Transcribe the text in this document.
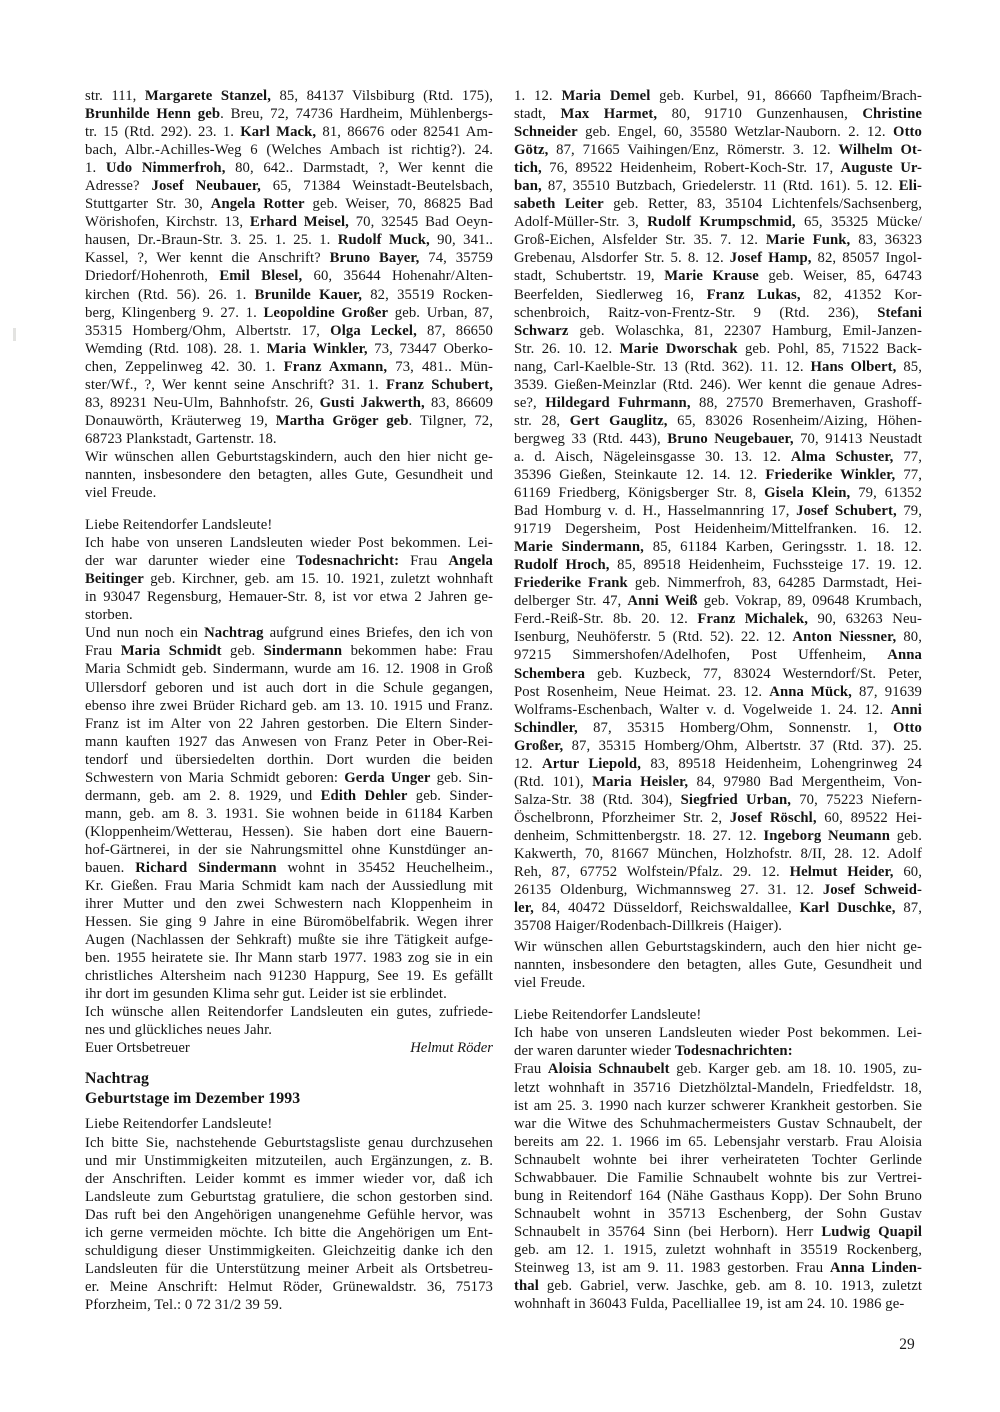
str. 111, Margarete Stanzel, 85, 84137 Vilsbiburg (Rtd. 175),
Brunhilde Henn geb. Breu, 72, 74736 Hardheim, Mühlenbergs-
tr. 15 (Rtd. 292). 23. 1. Karl Mack, 81, 86676 oder 82541 Am-
bach, Albr.-Achilles-Weg 6 (Welches Ambach ist richtig?). 24.
1. Udo Nimmerfroh, 80, 642.. Darmstadt, ?, Wer kennt die
Adresse? Josef Neubauer, 65, 71384 Weinstadt-Beutelsbach,
Stuttgarter Str. 30, Angela Rotter geb. Weiser, 70, 86825 Bad
Wörishofen, Kirchstr. 13, Erhard Meisel, 70, 32545 Bad Oeyn-
hausen, Dr.-Braun-Str. 3. 25. 1. 25. 1. Rudolf Muck, 90, 341..
Kassel, ?, Wer kennt die Anschrift? Bruno Bayer, 74, 35759
Driedorf/Hohenroth, Emil Blesel, 60, 35644 Hohenahr/Alten-
kirchen (Rtd. 56). 26. 1. Brunilde Kauer, 82, 35519 Rocken-
berg, Klingenberg 9. 27. 1. Leopoldine Großer geb. Urban, 87,
35315 Homberg/Ohm, Albertstr. 17, Olga Leckel, 87, 86650
Wemding (Rtd. 108). 28. 1. Maria Winkler, 73, 73447 Oberko-
chen, Zeppelinweg 42. 30. 1. Franz Axmann, 73, 481.. Mün-
ster/Wf., ?, Wer kennt seine Anschrift? 31. 1. Franz Schubert,
83, 89231 Neu-Ulm, Bahnhofstr. 26, Gusti Jakwerth, 83, 86609
Donauwörth, Kräuterweg 19, Martha Gröger geb. Tilgner, 72,
68723 Plankstadt, Gartenstr. 18.
Wir wünschen allen Geburtstagskindern, auch den hier nicht ge-
nannten, insbesondere den betagten, alles Gute, Gesundheit und
viel Freude.
Liebe Reitendorfer Landsleute!
Ich habe von unseren Landsleuten wieder Post bekommen. Lei-
der war darunter wieder eine Todesnachricht: Frau Angela
Beitinger geb. Kirchner, geb. am 15. 10. 1921, zuletzt wohnhaft
in 93047 Regensburg, Hemauer-Str. 8, ist vor etwa 2 Jahren ge-
storben.
Und nun noch ein Nachtrag aufgrund eines Briefes, den ich von
Frau Maria Schmidt geb. Sindermann bekommen habe: Frau
Maria Schmidt geb. Sindermann, wurde am 16. 12. 1908 in Groß
Ullersdorf geboren und ist auch dort in die Schule gegangen,
ebenso ihre zwei Brüder Richard geb. am 13. 10. 1915 und Franz.
Franz ist im Alter von 22 Jahren gestorben. Die Eltern Sinder-
mann kauften 1927 das Anwesen von Franz Peter in Ober-Rei-
tendorf und übersiedelten dorthin. Dort wurden die beiden
Schwestern von Maria Schmidt geboren: Gerda Unger geb. Sin-
dermann, geb. am 2. 8. 1929, und Edith Dehler geb. Sinder-
mann, geb. am 8. 3. 1931. Sie wohnen beide in 61184 Karben
(Kloppenheim/Wetterau, Hessen). Sie haben dort eine Bauern-
hof-Gärtnerei, in der sie Nahrungsmittel ohne Kunstdünger an-
bauen. Richard Sindermann wohnt in 35452 Heuchelheim.,
Kr. Gießen. Frau Maria Schmidt kam nach der Aussiedlung mit
ihrer Mutter und den zwei Schwestern nach Kloppenheim in
Hessen. Sie ging 9 Jahre in eine Büromöbelfabrik. Wegen ihrer
Augen (Nachlassen der Sehkraft) mußte sie ihre Tätigkeit aufge-
ben. 1955 heiratete sie. Ihr Mann starb 1977. 1983 zog sie in ein
christliches Altersheim nach 91230 Happurg, See 19. Es gefällt
ihr dort im gesunden Klima sehr gut. Leider ist sie erblindet.
Ich wünsche allen Reitendorfer Landsleuten ein gutes, zufriede-
nes und glückliches neues Jahr.
Euer Ortsbetreuer	Helmut Röder
Nachtrag
Geburtstage im Dezember 1993
Liebe Reitendorfer Landsleute!
Ich bitte Sie, nachstehende Geburtstagsliste genau durchzusehen
und mir Unstimmigkeiten mitzuteilen, auch Ergänzungen, z. B.
der Anschriften. Leider kommt es immer wieder vor, daß ich
Landsleute zum Geburtstag gratuliere, die schon gestorben sind.
Das ruft bei den Angehörigen unangenehme Gefühle hervor, was
ich gerne vermeiden möchte. Ich bitte die Angehörigen um Ent-
schuldigung dieser Unstimmigkeiten. Gleichzeitig danke ich den
Landsleuten für die Unterstützung meiner Arbeit als Ortsbetreu-
er. Meine Anschrift: Helmut Röder, Grünewaldstr. 36, 75173
Pforzheim, Tel.: 0 72 31/2 39 59.
1. 12. Maria Demel geb. Kurbel, 91, 86660 Tapfheim/Brach-
stadt, Max Harmet, 80, 91710 Gunzenhausen, Christine
Schneider geb. Engel, 60, 35580 Wetzlar-Nauborn. 2. 12. Otto
Götz, 87, 71665 Vaihingen/Enz, Römerstr. 3. 12. Wilhelm Ot-
tich, 76, 89522 Heidenheim, Robert-Koch-Str. 17, Auguste Ur-
ban, 87, 35510 Butzbach, Griedelerstr. 11 (Rtd. 161). 5. 12. Eli-
sabeth Leiter geb. Retter, 83, 35104 Lichtenfels/Sachsenberg,
Adolf-Müller-Str. 3, Rudolf Krumpschmid, 65, 35325 Mücke/
Groß-Eichen, Alsfelder Str. 35. 7. 12. Marie Funk, 83, 36323
Grebenau, Alsdorfer Str. 5. 8. 12. Josef Hamp, 82, 85057 Ingol-
stadt, Schubertstr. 19, Marie Krause geb. Weiser, 85, 64743
Beerfelden, Siedlerweg 16, Franz Lukas, 82, 41352 Kor-
schenbroich, Raitz-von-Frentz-Str. 9 (Rtd. 236), Stefani
Schwarz geb. Wolaschka, 81, 22307 Hamburg, Emil-Janzen-
Str. 26. 10. 12. Marie Dworschak geb. Pohl, 85, 71522 Back-
nang, Carl-Kaelble-Str. 13 (Rtd. 362). 11. 12. Hans Olbert, 85,
3539. Gießen-Meinzlar (Rtd. 246). Wer kennt die genaue Adres-
se?, Hildegard Fuhrmann, 88, 27570 Bremerhaven, Grashoff-
str. 28, Gert Gauglitz, 65, 83026 Rosenheim/Aizing, Höhen-
bergweg 33 (Rtd. 443), Bruno Neugebauer, 70, 91413 Neustadt
a. d. Aisch, Nägeleinsgasse 30. 13. 12. Alma Schuster, 77,
35396 Gießen, Steinkaute 12. 14. 12. Friederike Winkler, 77,
61169 Friedberg, Königsberger Str. 8, Gisela Klein, 79, 61352
Bad Homburg v. d. H., Hasselmannring 17, Josef Schubert, 79,
91719 Degersheim, Post Heidenheim/Mittelfranken. 16. 12.
Marie Sindermann, 85, 61184 Karben, Geringsstr. 1. 18. 12.
Rudolf Hroch, 85, 89518 Heidenheim, Fuchssteige 17. 19. 12.
Friederike Frank geb. Nimmerfroh, 83, 64285 Darmstadt, Hei-
delberger Str. 47, Anni Weiß geb. Vokrap, 89, 09648 Krumbach,
Ferd.-Reiß-Str. 8b. 20. 12. Franz Michalek, 90, 63263 Neu-
Isenburg, Neuhöferstr. 5 (Rtd. 52). 22. 12. Anton Niessner, 80,
97215 Simmershofen/Adelhofen, Post Uffenheim, Anna
Schembera geb. Kuzbeck, 77, 83024 Westerndorf/St. Peter,
Post Rosenheim, Neue Heimat. 23. 12. Anna Mück, 87, 91639
Wolframs-Eschenbach, Walter v. d. Vogelweide 1. 24. 12. Anni
Schindler, 87, 35315 Homberg/Ohm, Sonnenstr. 1, Otto
Großer, 87, 35315 Homberg/Ohm, Albertstr. 37 (Rtd. 37). 25.
12. Artur Liepold, 83, 89518 Heidenheim, Lohengrinweg 24
(Rtd. 101), Maria Heisler, 84, 97980 Bad Mergentheim, Von-
Salza-Str. 38 (Rtd. 304), Siegfried Urban, 70, 75223 Niefern-
Öschelbronn, Pforzheimer Str. 2, Josef Röschl, 60, 89522 Hei-
denheim, Schmittenbergstr. 18. 27. 12. Ingeborg Neumann geb.
Kakwerth, 70, 81667 München, Holzhofstr. 8/II, 28. 12. Adolf
Reh, 87, 67752 Wolfstein/Pfalz. 29. 12. Helmut Heider, 60,
26135 Oldenburg, Wichmannsweg 27. 31. 12. Josef Schweid-
ler, 84, 40472 Düsseldorf, Reichswaldallee, Karl Duschke, 87,
35708 Haiger/Rodenbach-Dillkreis (Haiger).
Wir wünschen allen Geburtstagskindern, auch den hier nicht ge-
nannten, insbesondere den betagten, alles Gute, Gesundheit und
viel Freude.
Liebe Reitendorfer Landsleute!
Ich habe von unseren Landsleuten wieder Post bekommen. Lei-
der waren darunter wieder Todesnachrichten:
Frau Aloisia Schnaubelt geb. Karger geb. am 18. 10. 1905, zu-
letzt wohnhaft in 35716 Dietzhölztal-Mandeln, Friedfeldstr. 18,
ist am 25. 3. 1990 nach kurzer schwerer Krankheit gestorben. Sie
war die Witwe des Schuhmachermeisters Gustav Schnaubelt, der
bereits am 22. 1. 1966 im 65. Lebensjahr verstarb. Frau Aloisia
Schnaubelt wohnte bei ihrer verheirateten Tochter Gerlinde
Schwabbauer. Die Familie Schnaubelt wohnte bis zur Vertrei-
bung in Reitendorf 164 (Nähe Gasthaus Kopp). Der Sohn Bruno
Schnaubelt wohnt in 35713 Eschenberg, der Sohn Gustav
Schnaubelt in 35764 Sinn (bei Herborn). Herr Ludwig Quapil
geb. am 12. 1. 1915, zuletzt wohnhaft in 35519 Rockenberg,
Steinweg 13, ist am 9. 11. 1983 gestorben. Frau Anna Linden-
thal geb. Gabriel, verw. Jaschke, geb. am 8. 10. 1913, zuletzt
wohnhaft in 36043 Fulda, Pacelliallee 19, ist am 24. 10. 1986 ge-
29
